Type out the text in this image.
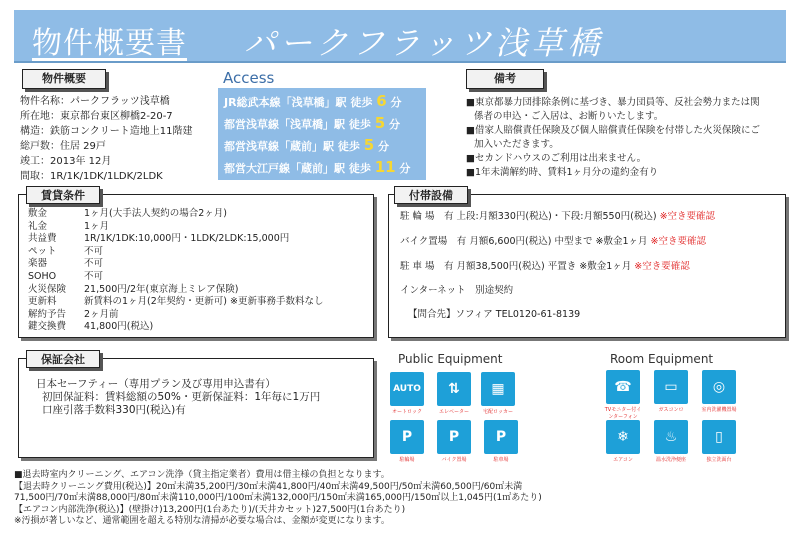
物件概要書 パークフラッツ浅草橋
物件概要
物件名称：パークフラッツ浅草橋
所在地：東京都台東区柳橋2-20-7
構造：鉄筋コンクリート造地上11階建
総戸数：住居 29戸
竣工：2013年 12月
間取：1R/1K/1DK/1LDK/2LDK
Access
JR総武本線「浅草橋」駅 徒歩 6 分
都営浅草線「浅草橋」駅 徒歩 5 分
都営浅草線「蔵前」駅 徒歩 5 分
都営大江戸線「蔵前」駅 徒歩 11 分
備考
■東京都暴力団排除条例に基づき、暴力団員等、反社会勢力または関
係者の申込・ご入居は、お断りいたします。
■借家人賠償責任保険及び個人賠償責任保険を付帯した火災保険にご
加入いただきます。
■セカンドハウスのご利用は出来ません。
■1年未満解約時、賃料1ヶ月分の違約金有り
賃貸条件
敷金	1ヶ月(大手法人契約の場合2ヶ月)
礼金	1ヶ月
共益費	1R/1K/1DK:10,000円・1LDK/2LDK:15,000円
ペット	不可
楽器	不可
SOHO	不可
火災保険	21,500円/2年(東京海上ミレア保険)
更新料	新賃料の1ヶ月(2年契約・更新可) ※更新事務手数料なし
解約予告	2ヶ月前
鍵交換費	41,800円(税込)
付帯設備
駐 輪 場　有 上段:月額330円(税込)・下段:月額550円(税込) ※空き要確認
バイク置場　有 月額6,600円(税込) 中型まで ※敷金1ヶ月 ※空き要確認
駐 車 場　有 月額38,500円(税込) 平置き ※敷金1ヶ月 ※空き要確認
インターネット　別途契約
【問合先】ソフィア TEL0120-61-8139
保証会社
日本セーフティー（専用プラン及び専用申込書有）
初回保証料：賃料総額の50%・更新保証料：1年毎に1万円
口座引落手数料330円(税込)有
Public Equipment
AUTO
オートロック
⇅
エレベーター
▦
宅配ロッカー
P
駐輪場
P
バイク置場
P
駐車場
Room Equipment
☎
TVモニター付インターフォン
▭
ガスコンロ
◎
室内洗濯機置場
❄
エアコン
♨
温水洗浄便座
▯
独立洗面台
■退去時室内クリーニング、エアコン洗浄（貸主指定業者）費用は借主様の負担となります。
【退去時クリーニング費用(税込)】20㎡未満35,200円/30㎡未満41,800円/40㎡未満49,500円/50㎡未満60,500円/60㎡未満
71,500円/70㎡未満88,000円/80㎡未満110,000円/100㎡未満132,000円/150㎡未満165,000円/150㎡以上1,045円(1㎡あたり)
【エアコン内部洗浄(税込)】(壁掛け)13,200円(1台あたり)/(天井カセット)27,500円(1台あたり)
※汚損が著しいなど、通常範囲を超える特別な清掃が必要な場合は、金額が変更になります。
